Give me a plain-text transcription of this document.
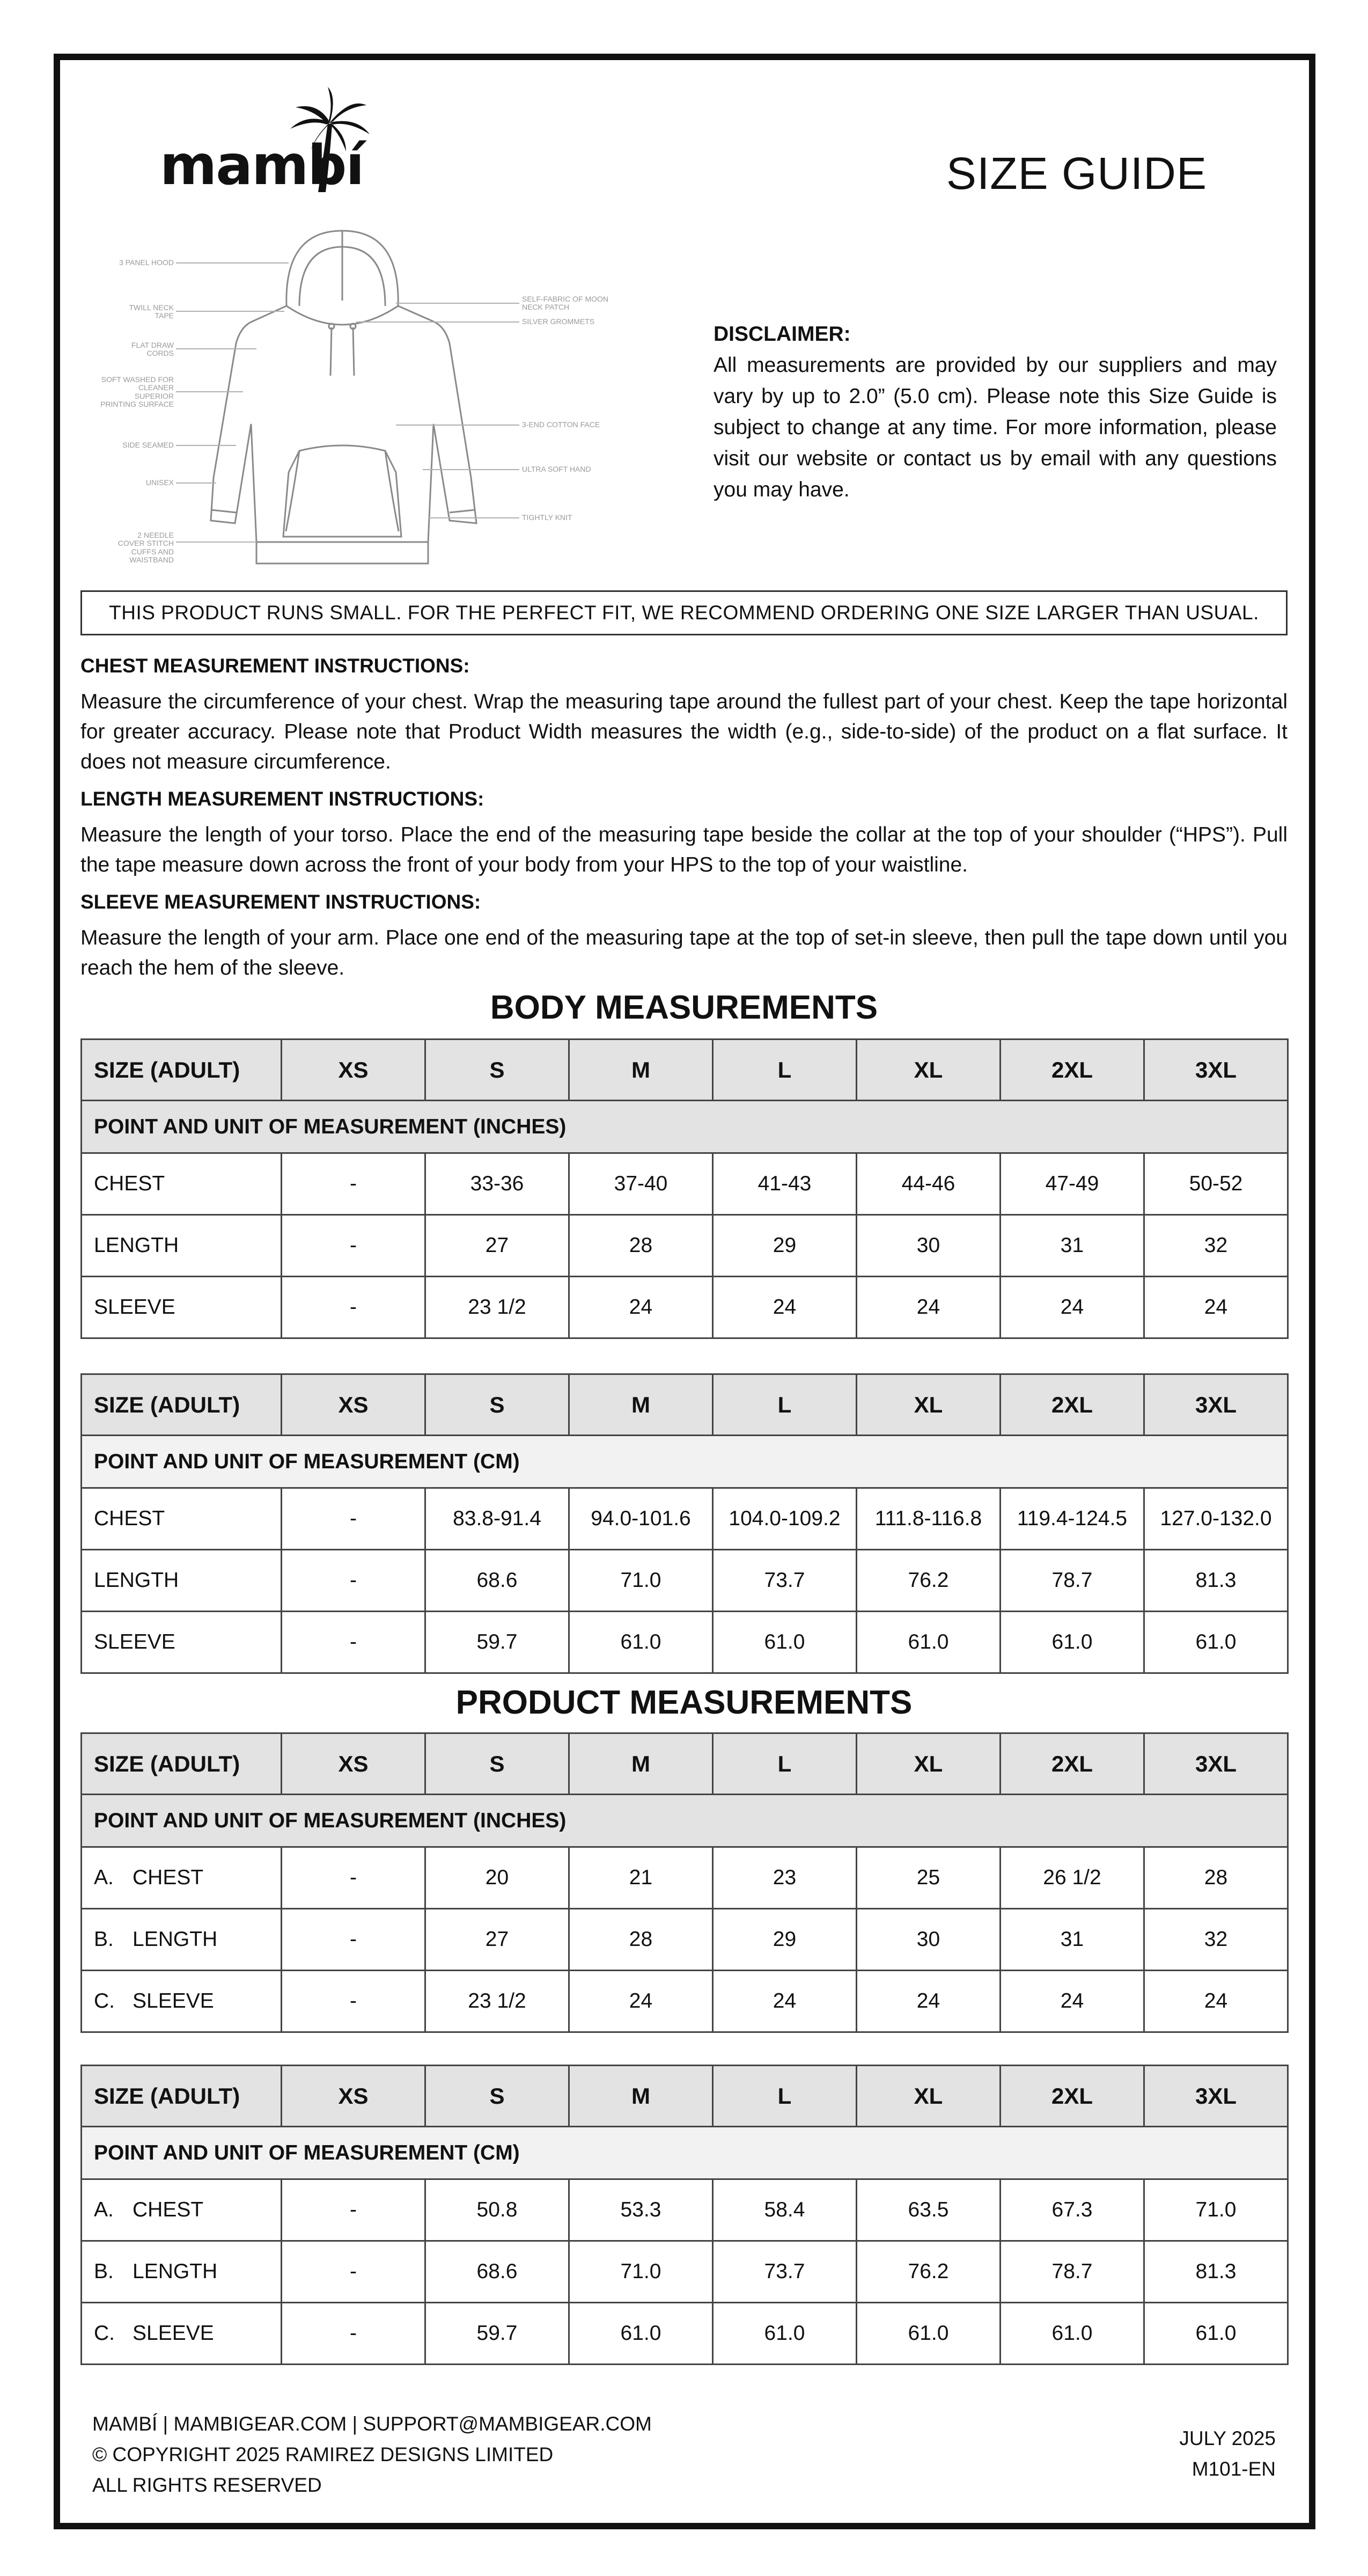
mambí	SIZE GUIDE
3 PANEL HOOD
TWILL NECK TAPE
FLAT DRAW CORDS
SOFT WASHED FOR CLEANER SUPERIOR PRINTING SURFACE
SIDE SEAMED
UNISEX
2 NEEDLE COVER STITCH CUFFS AND WAISTBAND
SELF-FABRIC OF MOON NECK PATCH
SILVER GROMMETS
3-END COTTON FACE
ULTRA SOFT HAND
TIGHTLY KNIT
DISCLAIMER:

All measurements are provided by our suppliers and may vary by up to 2.0” (5.0 cm). Please note this Size Guide is subject to change at any time. For more information, please visit our website or contact us by email with any questions you may have.

THIS PRODUCT RUNS SMALL. FOR THE PERFECT FIT, WE RECOMMEND ORDERING ONE SIZE LARGER THAN USUAL.
CHEST MEASUREMENT INSTRUCTIONS:

Measure the circumference of your chest. Wrap the measuring tape around the fullest part of your chest. Keep the tape horizontal for greater accuracy. Please note that Product Width measures the width (e.g., side-to-side) of the product on a flat surface. It does not measure circumference.

LENGTH MEASUREMENT INSTRUCTIONS:

Measure the length of your torso. Place the end of the measuring tape beside the collar at the top of your shoulder (“HPS”). Pull the tape measure down across the front of your body from your HPS to the top of your waistline.

SLEEVE MEASUREMENT INSTRUCTIONS:

Measure the length of your arm. Place one end of the measuring tape at the top of set-in sleeve, then pull the tape down until you reach the hem of the sleeve.

BODY MEASUREMENTS
SIZE (ADULT)	XS	S	M	L	XL	2XL	3XL
POINT AND UNIT OF MEASUREMENT (INCHES)							
CHEST	-	33-36	37-40	41-43	44-46	47-49	50-52
LENGTH	-	27	28	29	30	31	32
SLEEVE	-	23 1/2	24	24	24	24	24
SIZE (ADULT)	XS	S	M	L	XL	2XL	3XL
POINT AND UNIT OF MEASUREMENT (CM)							
CHEST	-	83.8-91.4	94.0-101.6	104.0-109.2	111.8-116.8	119.4-124.5	127.0-132.0
LENGTH	-	68.6	71.0	73.7	76.2	78.7	81.3
SLEEVE	-	59.7	61.0	61.0	61.0	61.0	61.0
PRODUCT MEASUREMENTS
SIZE (ADULT)	XS	S	M	L	XL	2XL	3XL
POINT AND UNIT OF MEASUREMENT (INCHES)							
A. CHEST	-	20	21	23	25	26 1/2	28
B. LENGTH	-	27	28	29	30	31	32
C. SLEEVE	-	23 1/2	24	24	24	24	24
SIZE (ADULT)	XS	S	M	L	XL	2XL	3XL
POINT AND UNIT OF MEASUREMENT (CM)							
A. CHEST	-	50.8	53.3	58.4	63.5	67.3	71.0
B. LENGTH	-	68.6	71.0	73.7	76.2	78.7	81.3
C. SLEEVE	-	59.7	61.0	61.0	61.0	61.0	61.0
MAMBÍ | MAMBIGEAR.COM | SUPPORT@MAMBIGEAR.COM
© COPYRIGHT 2025 RAMIREZ DESIGNS LIMITED
ALL RIGHTS RESERVED
JULY 2025
M101-EN
